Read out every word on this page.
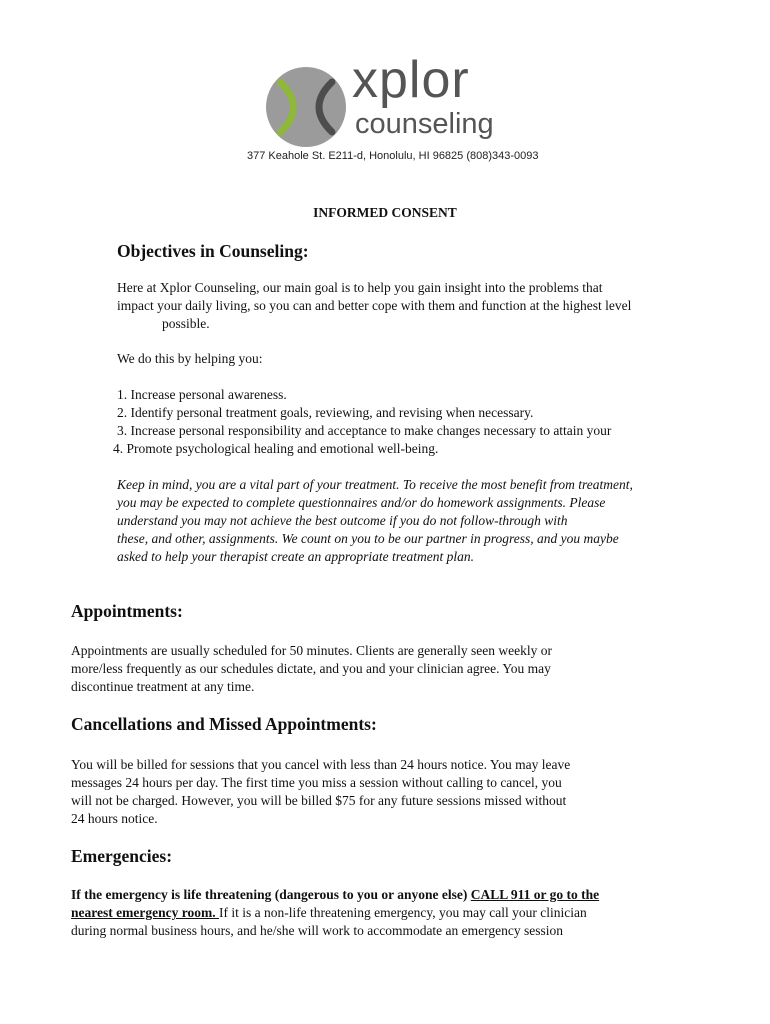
xplor
counseling
377 Keahole St. E211-d, Honolulu, HI 96825 (808)343-0093
INFORMED CONSENT
Objectives in Counseling:
Here at Xplor Counseling, our main goal is to help you gain insight into the problems that
impact your daily living, so you can and better cope with them and function at the highest level
possible.
We do this by helping you:
1. Increase personal awareness.
2. Identify personal treatment goals, reviewing, and revising when necessary.
3. Increase personal responsibility and acceptance to make changes necessary to attain your
4. Promote psychological healing and emotional well-being.
Keep in mind, you are a vital part of your treatment. To receive the most benefit from treatment,
you may be expected to complete questionnaires and/or do homework assignments. Please
understand you may not achieve the best outcome if you do not follow-through with
these, and other, assignments. We count on you to be our partner in progress, and you maybe
asked to help your therapist create an appropriate treatment plan.
Appointments:
Appointments are usually scheduled for 50 minutes. Clients are generally seen weekly or
more/less frequently as our schedules dictate, and you and your clinician agree. You may
discontinue treatment at any time.
Cancellations and Missed Appointments:
You will be billed for sessions that you cancel with less than 24 hours notice. You may leave
messages 24 hours per day. The first time you miss a session without calling to cancel, you
will not be charged. However, you will be billed $75 for any future sessions missed without
24 hours notice.
Emergencies:
If the emergency is life threatening (dangerous to you or anyone else) CALL 911 or go to the
nearest emergency room. If it is a non-life threatening emergency, you may call your clinician
during normal business hours, and he/she will work to accommodate an emergency session
